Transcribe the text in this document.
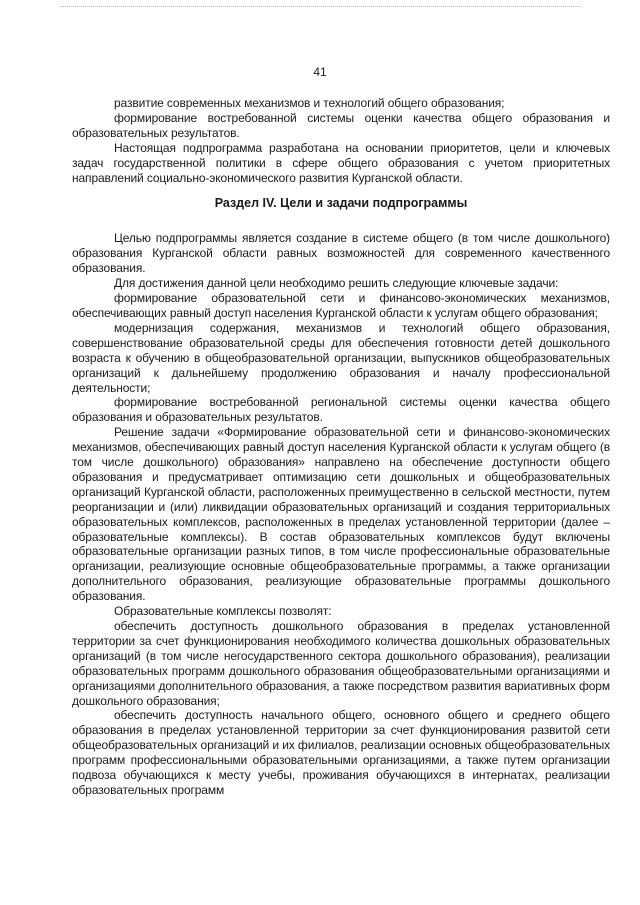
41

развитие современных механизмов и технологий общего образования;

формирование востребованной системы оценки качества общего образования и образовательных результатов.

Настоящая подпрограмма разработана на основании приоритетов, цели и ключевых задач государственной политики в сфере общего образования с учетом приоритетных направлений социально-экономического развития Курганской области.

Раздел IV. Цели и задачи подпрограммы

Целью подпрограммы является создание в системе общего (в том числе дошкольного) образования Курганской области равных возможностей для современного качественного образования.

Для достижения данной цели необходимо решить следующие ключевые задачи:

формирование образовательной сети и финансово-экономических механизмов, обеспечивающих равный доступ населения Курганской области к услугам общего образования;

модернизация содержания, механизмов и технологий общего образования, совершенствование образовательной среды для обеспечения готовности детей дошкольного возраста к обучению в общеобразовательной организации, выпускников общеобразовательных организаций к дальнейшему продолжению образования и началу профессиональной деятельности;

формирование востребованной региональной системы оценки качества общего образования и образовательных результатов.

Решение задачи «Формирование образовательной сети и финансово-экономических механизмов, обеспечивающих равный доступ населения Курганской области к услугам общего (в том числе дошкольного) образования» направлено на обеспечение доступности общего образования и предусматривает оптимизацию сети дошкольных и общеобразовательных организаций Курганской области, расположенных преимущественно в сельской местности, путем реорганизации и (или) ликвидации образовательных организаций и создания территориальных образовательных комплексов, расположенных в пределах установленной территории (далее – образовательные комплексы). В состав образовательных комплексов будут включены образовательные организации разных типов, в том числе профессиональные образовательные организации, реализующие основные общеобразовательные программы, а также организации дополнительного образования, реализующие образовательные программы дошкольного образования.

Образовательные комплексы позволят:

обеспечить доступность дошкольного образования в пределах установленной территории за счет функционирования необходимого количества дошкольных образовательных организаций (в том числе негосударственного сектора дошкольного образования), реализации образовательных программ дошкольного образования общеобразовательными организациями и организациями дополнительного образования, а также посредством развития вариативных форм дошкольного образования;

обеспечить доступность начального общего, основного общего и среднего общего образования в пределах установленной территории за счет функционирования развитой сети общеобразовательных организаций и их филиалов, реализации основных общеобразовательных программ профессиональными образовательными организациями, а также путем организации подвоза обучающихся к месту учебы, проживания обучающихся в интернатах, реализации образовательных программ
